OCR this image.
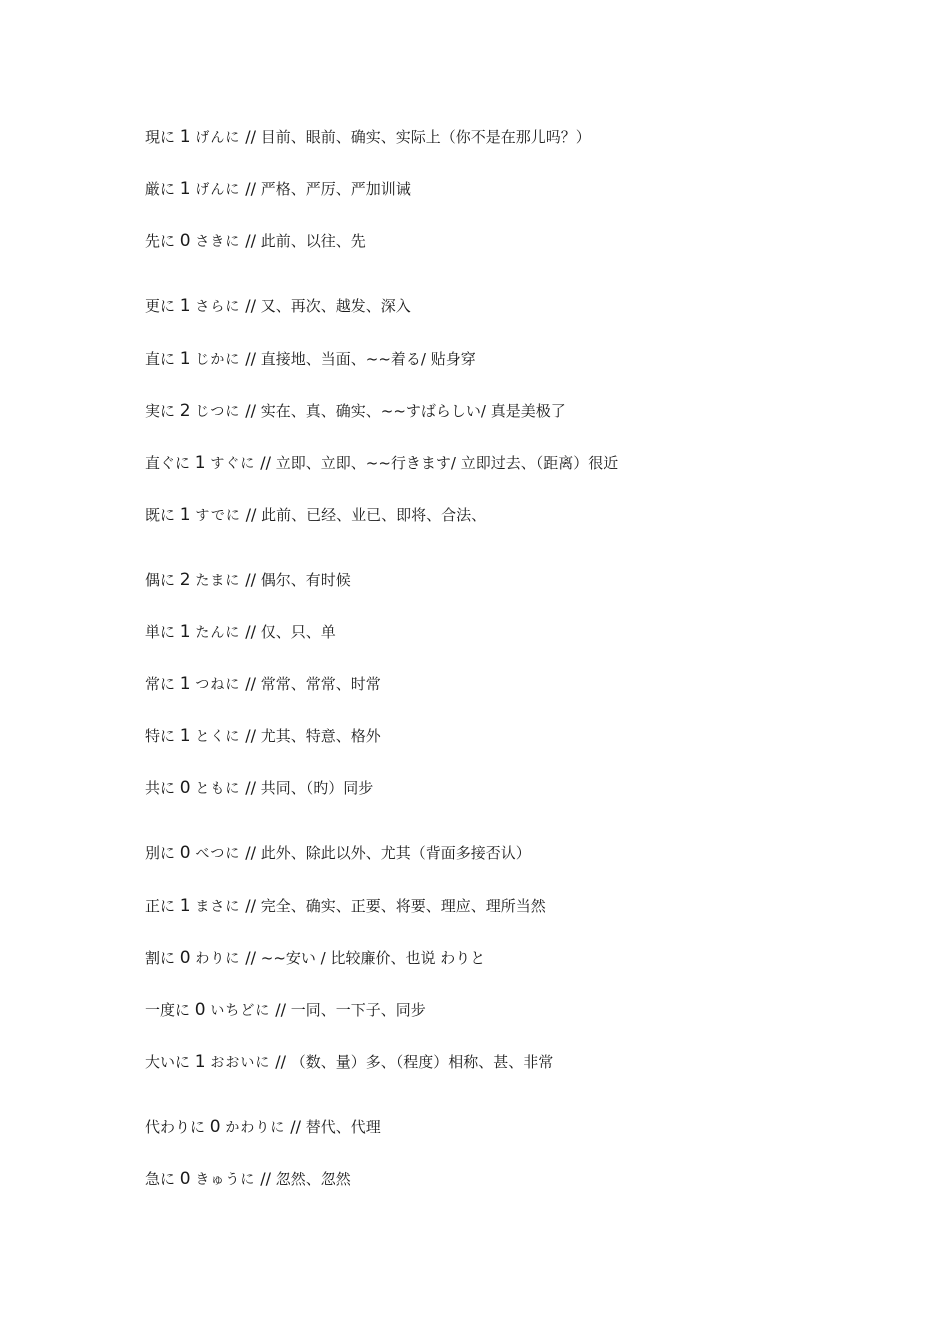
現に 1 げんに // 目前、眼前、确实、实际上（你不是在那儿吗？）
厳に 1 げんに // 严格、严厉、严加训诫
先に 0 さきに // 此前、以往、先
更に 1 さらに // 又、再次、越发、深入
直に 1 じかに // 直接地、当面、~~着る/ 贴身穿
実に 2 じつに // 实在、真、确实、~~すばらしい/ 真是美极了
直ぐに 1 すぐに // 立即、立即、~~行きます/ 立即过去、（距离）很近
既に 1 すでに // 此前、已经、业已、即将、合法、
偶に 2 たまに // 偶尔、有时候
単に 1 たんに // 仅、只、单
常に 1 つねに // 常常、常常、时常
特に 1 とくに // 尤其、特意、格外
共に 0 ともに // 共同、（旳）同步
別に 0 べつに // 此外、除此以外、尤其（背面多接否认）
正に 1 まさに // 完全、确实、正要、将要、理应、理所当然
割に 0 わりに // ~~安い / 比较廉价、也说 わりと
一度に 0 いちどに // 一同、一下子、同步
大いに 1 おおいに // （数、量）多、（程度）相称、甚、非常
代わりに 0 かわりに // 替代、代理
急に 0 きゅうに // 忽然、忽然
